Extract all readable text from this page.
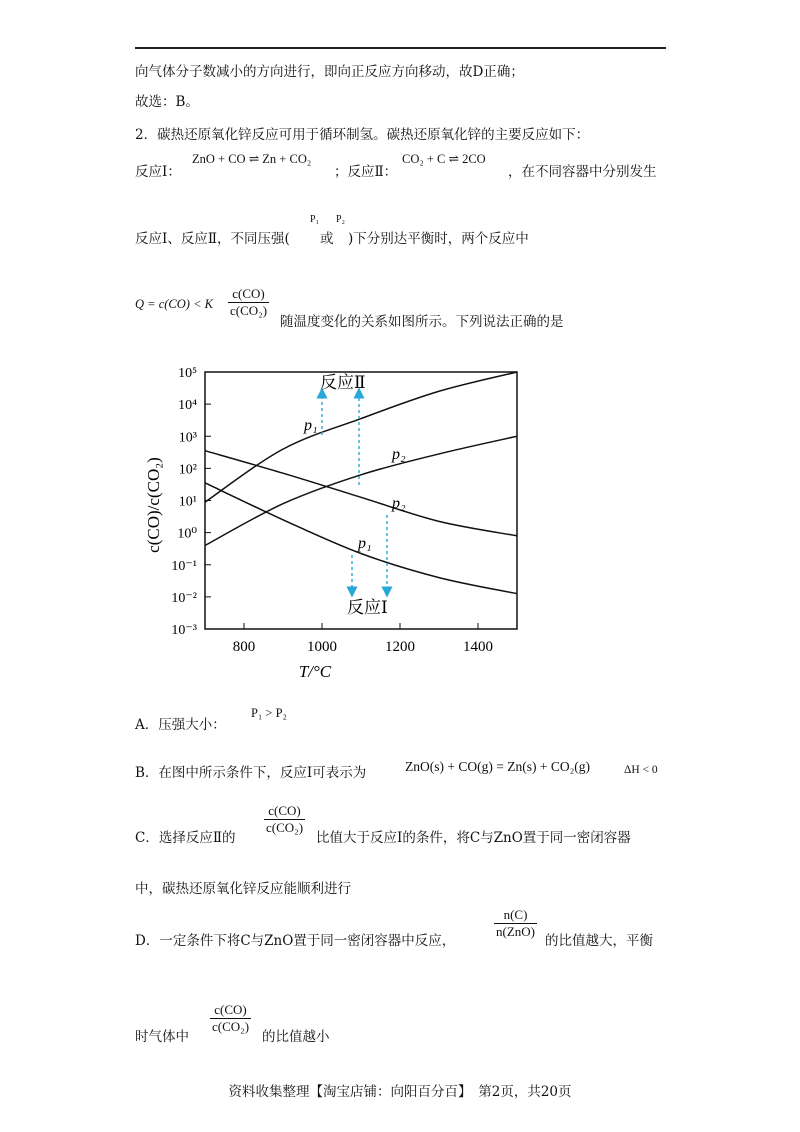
向气体分子数减小的方向进行，即向正反应方向移动，故D正确；
故选：B。
2．碳热还原氧化锌反应可用于循环制氢。碳热还原氧化锌的主要反应如下：
反应Ⅰ：
ZnO + CO ⇌ Zn + CO₂
；反应Ⅱ：
CO₂ + C ⇌ 2CO
，在不同容器中分别发生
反应Ⅰ、反应Ⅱ，不同压强(
P₁
或
P₂
)下分别达平衡时，两个反应中
Q = c(CO) < K
c(CO)
c(CO₂)
随温度变化的关系如图所示。下列说法正确的是
10⁵
10⁴
10³
10²
10¹
10⁰
10⁻¹
10⁻²
10⁻³
800	1000	1200	1400
反应Ⅱ
反应Ⅰ
p₁
p₂
p₂
p₁
T/°C
c(CO)/c(CO₂)
A．压强大小：
P₁ > P₂
B．在图中所示条件下，反应Ⅰ可表示为	ZnO(s) + CO(g) = Zn(s) + CO₂(g)	ΔH < 0
C．选择反应Ⅱ的
c(CO)
c(CO₂)
比值大于反应Ⅰ的条件，将C与ZnO置于同一密闭容器
中，碳热还原氧化锌反应能顺利进行
D．一定条件下将C与ZnO置于同一密闭容器中反应，
n(C)
n(ZnO)
的比值越大，平衡
时气体中
c(CO)
c(CO₂)
的比值越小
资料收集整理【淘宝店铺：向阳百分百】　第2页，共20页
